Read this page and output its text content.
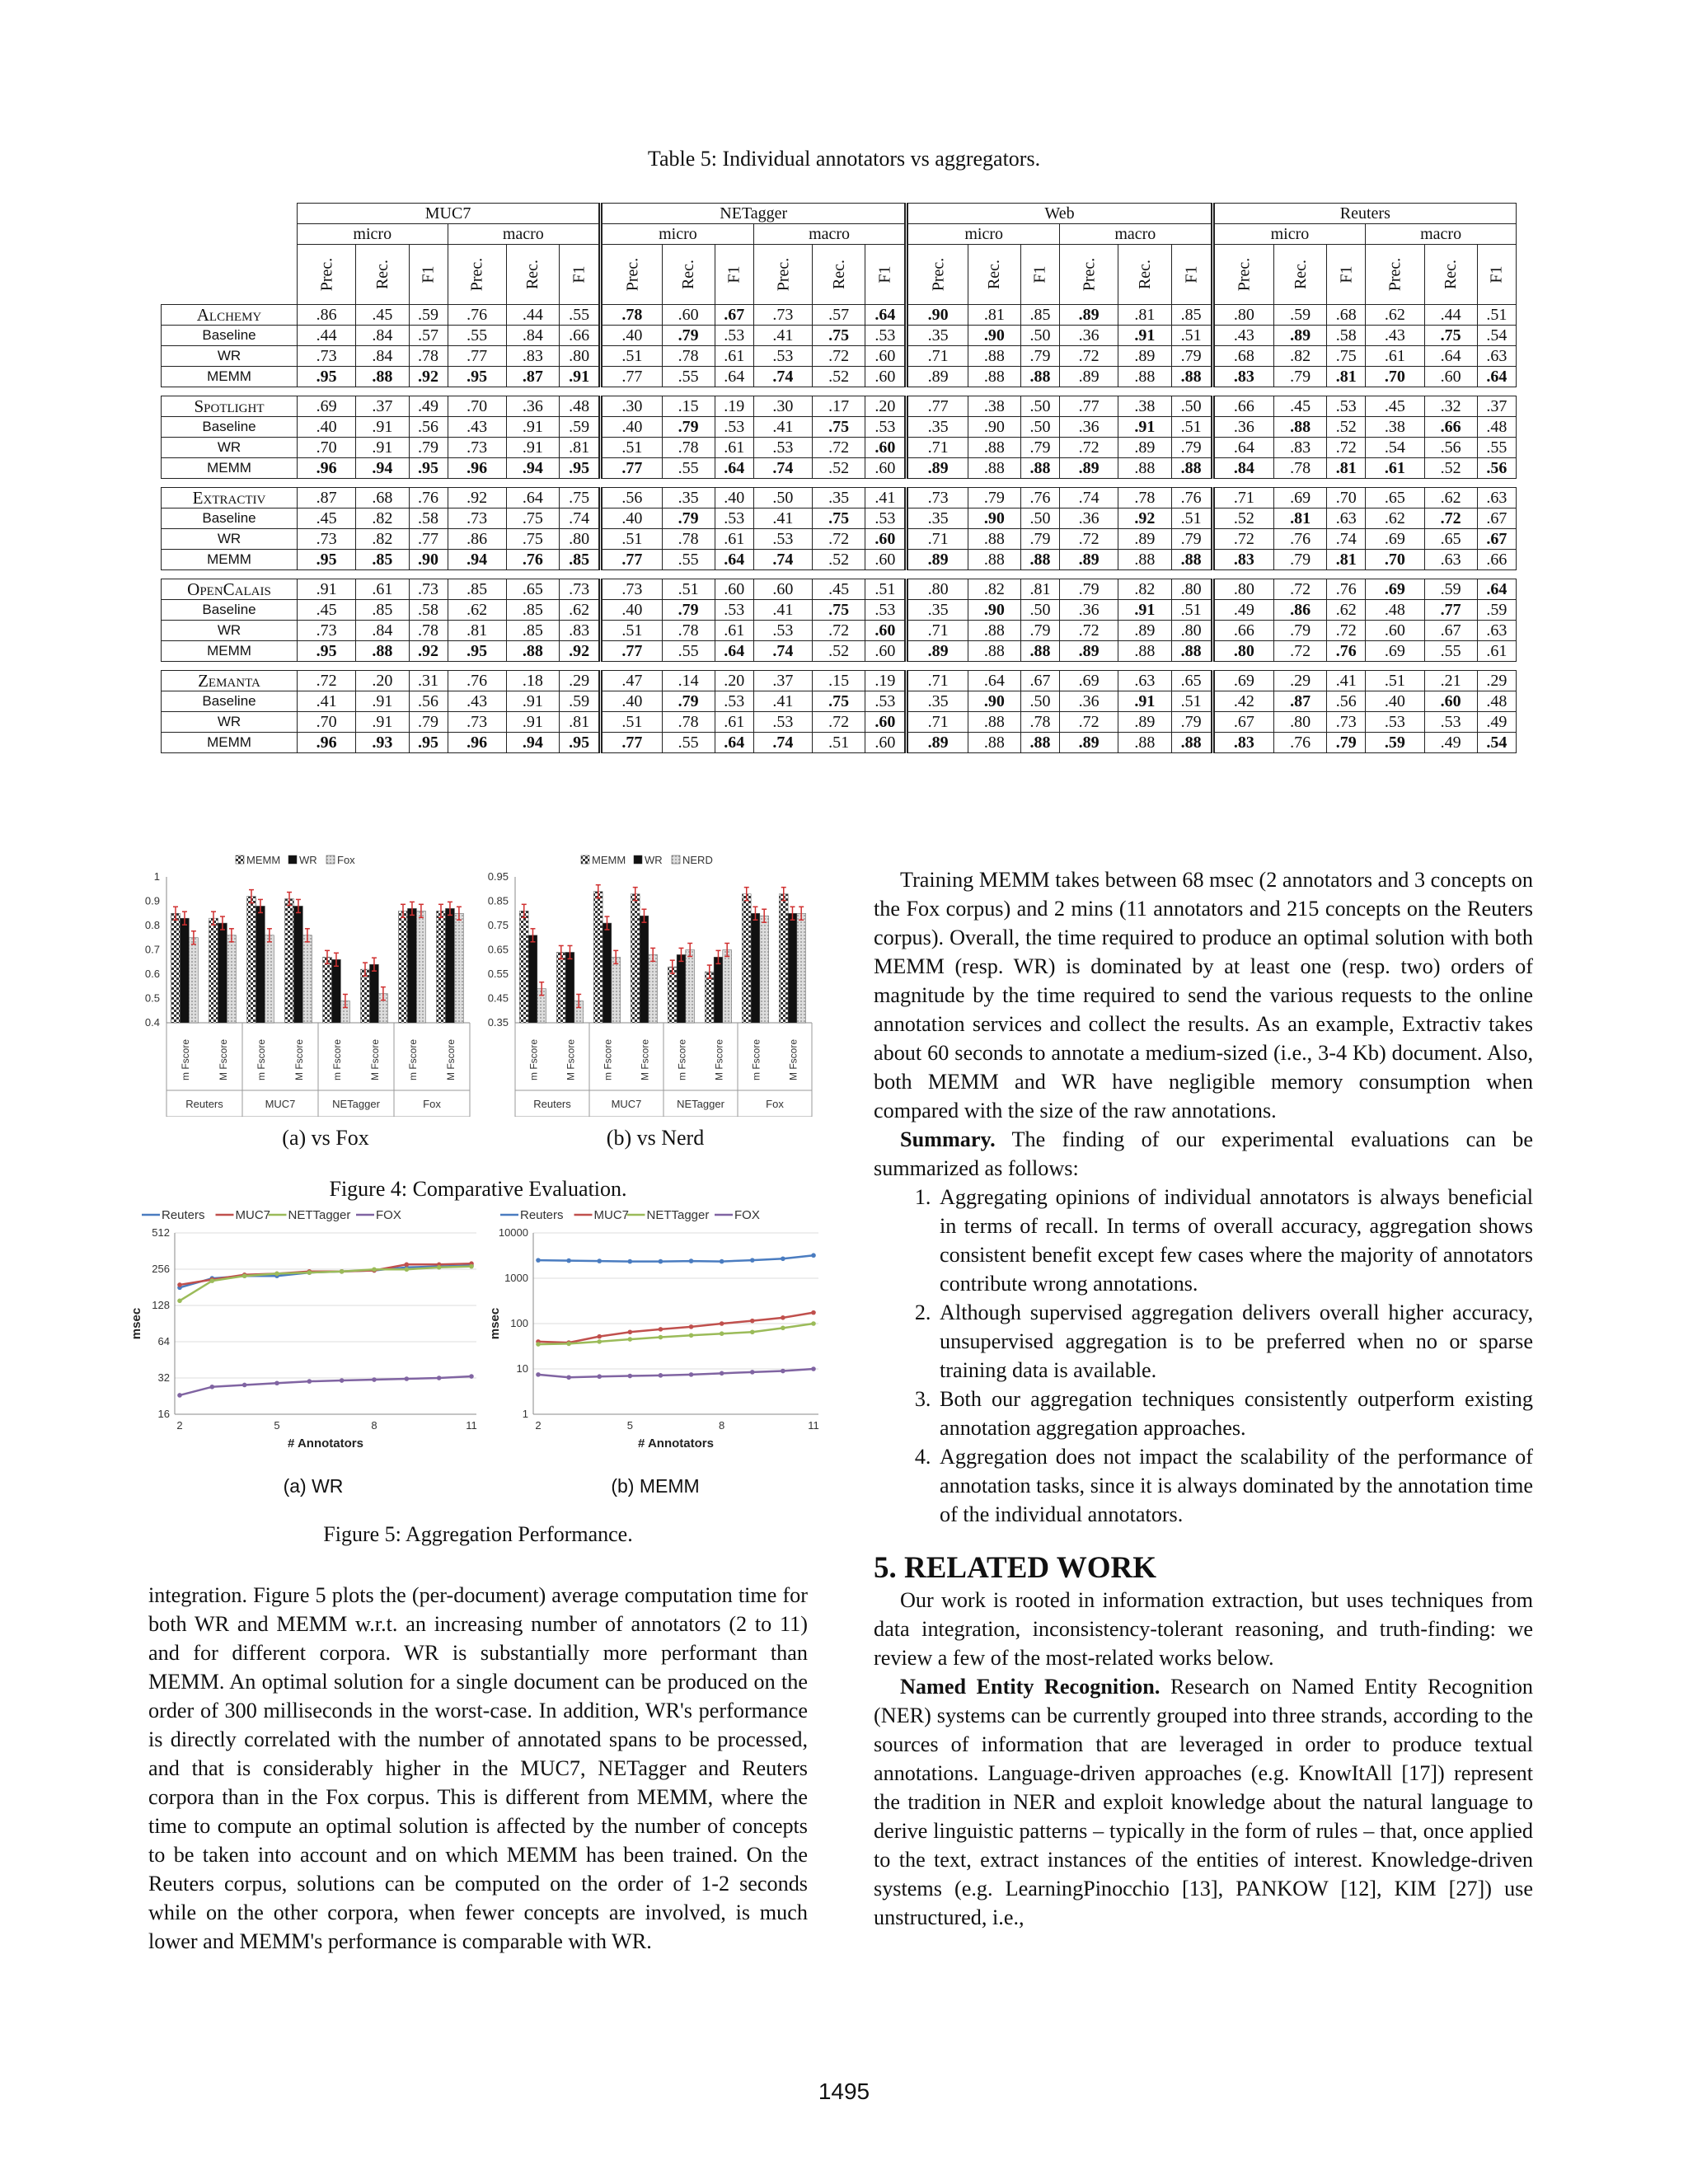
Table 5: Individual annotators vs aggregators.
	MUC7						NETagger						Web						Reuters					
	micro			macro			micro			macro			micro			macro			micro			macro		
	Prec.	Rec.	F1	Prec.	Rec.	F1	Prec.	Rec.	F1	Prec.	Rec.	F1	Prec.	Rec.	F1	Prec.	Rec.	F1	Prec.	Rec.	F1	Prec.	Rec.	F1
Alchemy	.86	.45	.59	.76	.44	.55	.78	.60	.67	.73	.57	.64	.90	.81	.85	.89	.81	.85	.80	.59	.68	.62	.44	.51
Baseline	.44	.84	.57	.55	.84	.66	.40	.79	.53	.41	.75	.53	.35	.90	.50	.36	.91	.51	.43	.89	.58	.43	.75	.54
WR	.73	.84	.78	.77	.83	.80	.51	.78	.61	.53	.72	.60	.71	.88	.79	.72	.89	.79	.68	.82	.75	.61	.64	.63
MEMM	.95	.88	.92	.95	.87	.91	.77	.55	.64	.74	.52	.60	.89	.88	.88	.89	.88	.88	.83	.79	.81	.70	.60	.64

Spotlight	.69	.37	.49	.70	.36	.48	.30	.15	.19	.30	.17	.20	.77	.38	.50	.77	.38	.50	.66	.45	.53	.45	.32	.37
Baseline	.40	.91	.56	.43	.91	.59	.40	.79	.53	.41	.75	.53	.35	.90	.50	.36	.91	.51	.36	.88	.52	.38	.66	.48
WR	.70	.91	.79	.73	.91	.81	.51	.78	.61	.53	.72	.60	.71	.88	.79	.72	.89	.79	.64	.83	.72	.54	.56	.55
MEMM	.96	.94	.95	.96	.94	.95	.77	.55	.64	.74	.52	.60	.89	.88	.88	.89	.88	.88	.84	.78	.81	.61	.52	.56

Extractiv	.87	.68	.76	.92	.64	.75	.56	.35	.40	.50	.35	.41	.73	.79	.76	.74	.78	.76	.71	.69	.70	.65	.62	.63
Baseline	.45	.82	.58	.73	.75	.74	.40	.79	.53	.41	.75	.53	.35	.90	.50	.36	.92	.51	.52	.81	.63	.62	.72	.67
WR	.73	.82	.77	.86	.75	.80	.51	.78	.61	.53	.72	.60	.71	.88	.79	.72	.89	.79	.72	.76	.74	.69	.65	.67
MEMM	.95	.85	.90	.94	.76	.85	.77	.55	.64	.74	.52	.60	.89	.88	.88	.89	.88	.88	.83	.79	.81	.70	.63	.66

OpenCalais	.91	.61	.73	.85	.65	.73	.73	.51	.60	.60	.45	.51	.80	.82	.81	.79	.82	.80	.80	.72	.76	.69	.59	.64
Baseline	.45	.85	.58	.62	.85	.62	.40	.79	.53	.41	.75	.53	.35	.90	.50	.36	.91	.51	.49	.86	.62	.48	.77	.59
WR	.73	.84	.78	.81	.85	.83	.51	.78	.61	.53	.72	.60	.71	.88	.79	.72	.89	.80	.66	.79	.72	.60	.67	.63
MEMM	.95	.88	.92	.95	.88	.92	.77	.55	.64	.74	.52	.60	.89	.88	.88	.89	.88	.88	.80	.72	.76	.69	.55	.61

Zemanta	.72	.20	.31	.76	.18	.29	.47	.14	.20	.37	.15	.19	.71	.64	.67	.69	.63	.65	.69	.29	.41	.51	.21	.29
Baseline	.41	.91	.56	.43	.91	.59	.40	.79	.53	.41	.75	.53	.35	.90	.50	.36	.91	.51	.42	.87	.56	.40	.60	.48
WR	.70	.91	.79	.73	.91	.81	.51	.78	.61	.53	.72	.60	.71	.88	.78	.72	.89	.79	.67	.80	.73	.53	.53	.49
MEMM	.96	.93	.95	.96	.94	.95	.77	.55	.64	.74	.51	.60	.89	.88	.88	.89	.88	.88	.83	.76	.79	.59	.49	.54
MEMM WR Fox
0.4
0.5
0.6
0.7
0.8
0.9
1
m Fscore	M Fscore	m Fscore	M Fscore	m Fscore	M Fscore	m Fscore	M Fscore
Reuters	MUC7	NETagger	Fox
MEMM WR NERD
0.35
0.45
0.55
0.65
0.75
0.85
0.95
m Fscore	M Fscore	m Fscore	M Fscore	m Fscore	M Fscore	m Fscore	M Fscore
Reuters	MUC7	NETagger	Fox
(a) vs Fox	(b) vs Nerd
Figure 4: Comparative Evaluation.
Reuters MUC7 NETTagger FOX
16
32
64
128
256
512
2	5	8	11
# Annotators
msec
Reuters MUC7 NETTagger FOX
1
10
100
1000
10000
2	5	8	11
# Annotators
msec
(a) WR	(b) MEMM
Figure 5: Aggregation Performance.

integration. Figure 5 plots the (per-document) average computation time for both WR and MEMM w.r.t. an increasing number of annotators (2 to 11) and for different corpora. WR is substantially more performant than MEMM. An optimal solution for a single document can be produced on the order of 300 milliseconds in the worst-case. In addition, WR's performance is directly correlated with the number of annotated spans to be processed, and that is considerably higher in the MUC7, NETagger and Reuters corpora than in the Fox corpus. This is different from MEMM, where the time to compute an optimal solution is affected by the number of concepts to be taken into account and on which MEMM has been trained. On the Reuters corpus, solutions can be computed on the order of 1-2 seconds while on the other corpora, when fewer concepts are involved, is much lower and MEMM's performance is comparable with WR.

Training MEMM takes between 68 msec (2 annotators and 3 concepts on the Fox corpus) and 2 mins (11 annotators and 215 concepts on the Reuters corpus). Overall, the time required to produce an optimal solution with both MEMM (resp. WR) is dominated by at least one (resp. two) orders of magnitude by the time required to send the various requests to the online annotation services and collect the results. As an example, Extractiv takes about 60 seconds to annotate a medium-sized (i.e., 3-4 Kb) document. Also, both MEMM and WR have negligible memory consumption when compared with the size of the raw annotations.

Summary. The finding of our experimental evaluations can be summarized as follows:

1. Aggregating opinions of individual annotators is always beneficial in terms of recall. In terms of overall accuracy, aggregation shows consistent benefit except few cases where the majority of annotators contribute wrong annotations.
2. Although supervised aggregation delivers overall higher accuracy, unsupervised aggregation is to be preferred when no or sparse training data is available.
3. Both our aggregation techniques consistently outperform existing annotation aggregation approaches.
4. Aggregation does not impact the scalability of the performance of annotation tasks, since it is always dominated by the annotation time of the individual annotators.
5. RELATED WORK

Our work is rooted in information extraction, but uses techniques from data integration, inconsistency-tolerant reasoning, and truth-finding: we review a few of the most-related works below.

Named Entity Recognition. Research on Named Entity Recognition (NER) systems can be currently grouped into three strands, according to the sources of information that are leveraged in order to produce textual annotations. Language-driven approaches (e.g. KnowItAll [17]) represent the tradition in NER and exploit knowledge about the natural language to derive linguistic patterns – typically in the form of rules – that, once applied to the text, extract instances of the entities of interest. Knowledge-driven systems (e.g. LearningPinocchio [13], PANKOW [12], KIM [27]) use unstructured, i.e.,

1495
